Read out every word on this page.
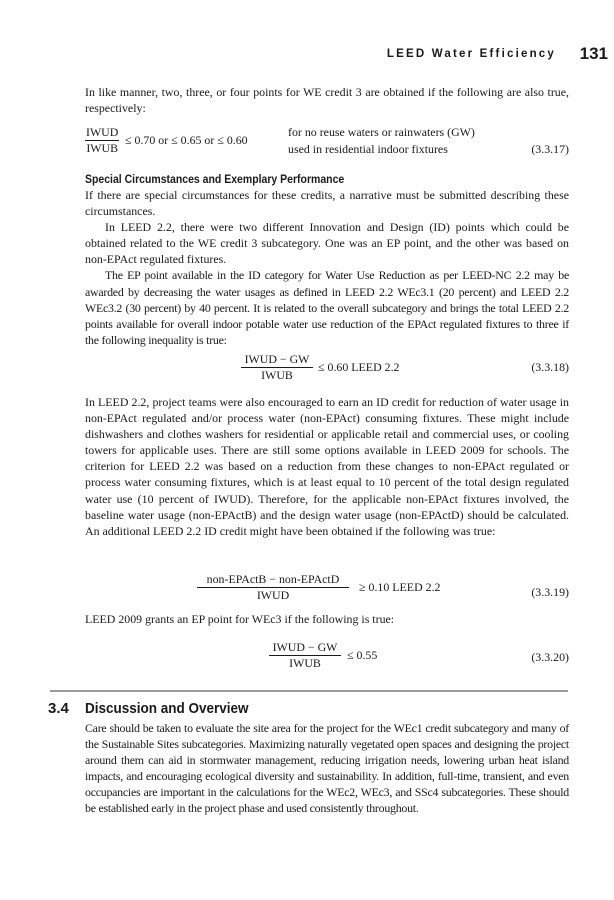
LEED Water Efficiency 131

In like manner, two, three, or four points for WE credit 3 are obtained if the following are also true, respectively:

IWUD
IWUB
≤ 0.70 or ≤ 0.65 or ≤ 0.60
for no reuse waters or rainwaters (GW)
used in residential indoor fixtures	(3.3.17)
Special Circumstances and Exemplary Performance

If there are special circumstances for these credits, a narrative must be submitted describing these circumstances.

In LEED 2.2, there were two different Innovation and Design (ID) points which could be obtained related to the WE credit 3 subcategory. One was an EP point, and the other was based on non-EPAct regulated fixtures.

The EP point available in the ID category for Water Use Reduction as per LEED-NC 2.2 may be awarded by decreasing the water usages as defined in LEED 2.2 WEc3.1 (20 percent) and LEED 2.2 WEc3.2 (30 percent) by 40 percent. It is related to the overall subcategory and brings the total LEED 2.2 points available for overall indoor potable water use reduction of the EPAct regulated fixtures to three if the following inequality is true:

IWUD − GW
IWUB
≤ 0.60 LEED 2.2	(3.3.18)

In LEED 2.2, project teams were also encouraged to earn an ID credit for reduction of water usage in non-EPAct regulated and/or process water (non-EPAct) consuming fixtures. These might include dishwashers and clothes washers for residential or applicable retail and commercial uses, or cooling towers for applicable uses. There are still some options available in LEED 2009 for schools. The criterion for LEED 2.2 was based on a reduction from these changes to non-EPAct regulated or process water consuming fixtures, which is at least equal to 10 percent of the total design regulated water use (10 percent of IWUD). Therefore, for the applicable non-EPAct fixtures involved, the baseline water usage (non-EPActB) and the design water usage (non-EPActD) should be calculated. An additional LEED 2.2 ID credit might have been obtained if the following was true:

non-EPActB − non-EPActD
IWUD
≥ 0.10 LEED 2.2	(3.3.19)

LEED 2009 grants an EP point for WEc3 if the following is true:

IWUD − GW
IWUB
≤ 0.55	(3.3.20)
3.4 Discussion and Overview

Care should be taken to evaluate the site area for the project for the WEc1 credit subcategory and many of the Sustainable Sites subcategories. Maximizing naturally vegetated open spaces and designing the project around them can aid in stormwater management, reducing irrigation needs, lowering urban heat island impacts, and encouraging ecological diversity and sustainability. In addition, full-time, transient, and even occupancies are important in the calculations for the WEc2, WEc3, and SSc4 subcategories. These should be established early in the project phase and used consistently throughout.
